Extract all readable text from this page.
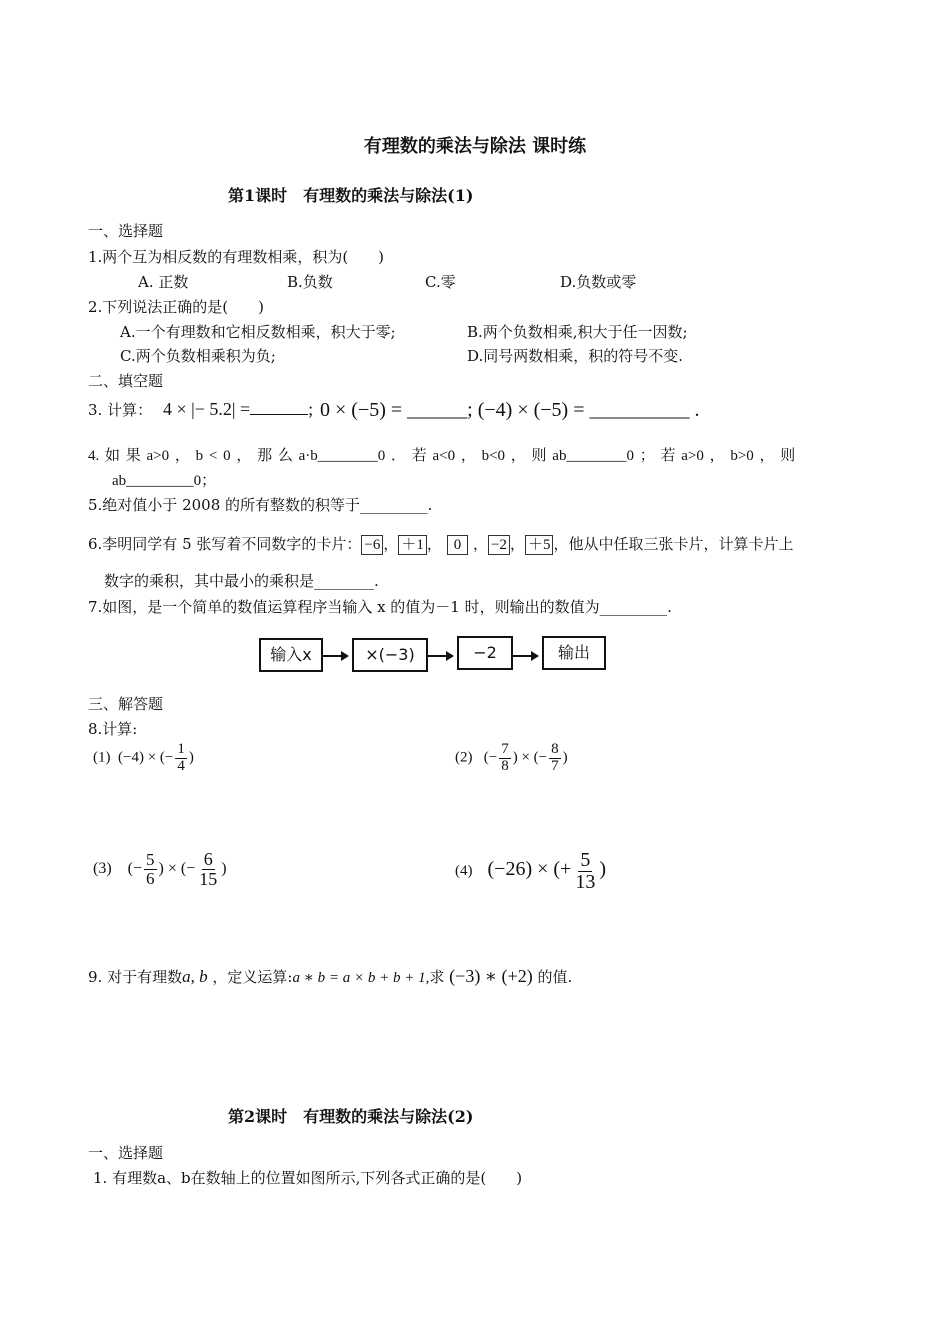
有理数的乘法与除法 课时练
第1课时　有理数的乘法与除法(1)
一、选择题
1.两个互为相反数的有理数相乘，积为(　　)
A. 正数	B.负数	C.零	D.负数或零
2.下列说法正确的是(　　)
A.一个有理数和它相反数相乘，积大于零;	B.两个负数相乘,积大于任一因数;
C.两个负数相乘积为负;	D.同号两数相乘，积的符号不变.
二、填空题
3. 计算： 4 × |− 5.2| =	; 0 × (−5) = ______; (−4) × (−5) = __________ .
4. 如 果 a>0 ， b < 0 ， 那 么 a·b________0 ． 若 a<0 ， b<0 ， 则 ab________0 ； 若 a>0 ， b>0 ， 则
ab_________0；
5.绝对值小于 2008 的所有整数的积等于_________.
6.李明同学有 5 张写着不同数字的卡片： −6 ， ＋1 ， 0 ， −2 ， ＋5 ，他从中任取三张卡片，计算卡片上
数字的乘积，其中最小的乘积是________.
7.如图，是一个简单的数值运算程序当输入 x 的值为－1 时，则输出的数值为_________.
输入x	×(−3)	−2	输出
三、解答题
8.计算:
(1) (−4) × (− $\frac{1}{4}$ )	(2) (− $\frac{7}{8}$ ) × (− $\frac{8}{7}$ )
(3) (− $\frac{5}{6}$ ) × (− $\frac{6}{15}$ )	(4) (−26) × (+ $\frac{5}{13}$ )
9. 对于有理数a, b ，定义运算:a ∗ b = a × b + b + 1,求 (−3) ∗ (+2) 的值.
第2课时　有理数的乘法与除法(2)
一、选择题
1. 有理数a、b在数轴上的位置如图所示,下列各式正确的是(　　)
